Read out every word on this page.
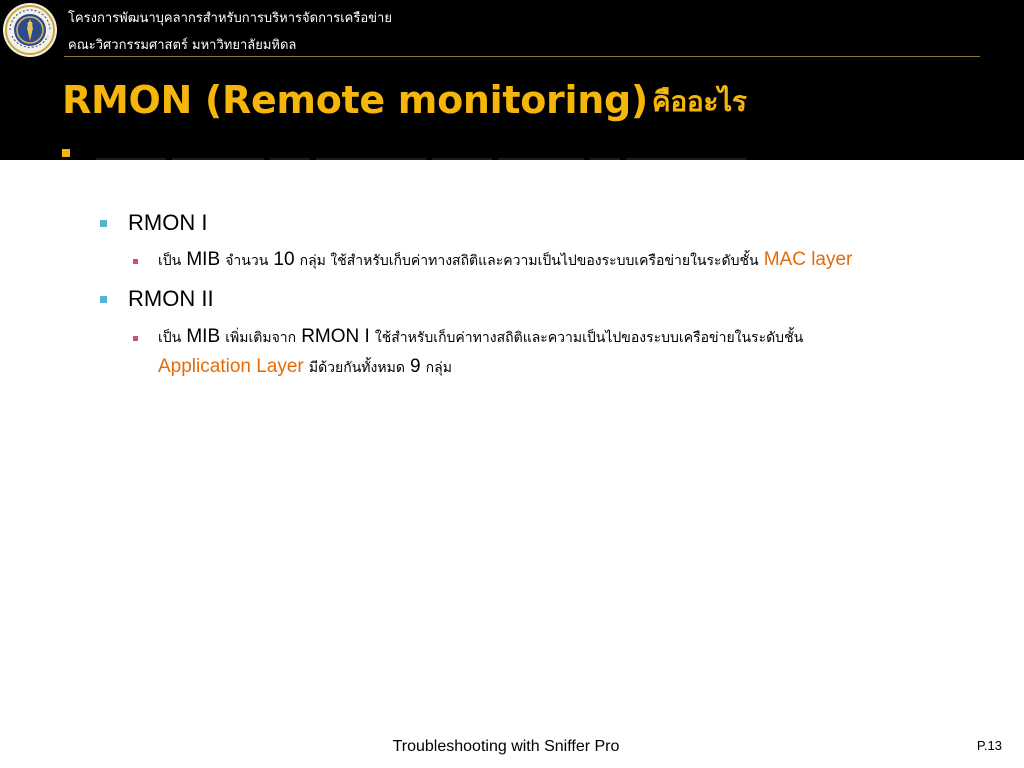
โครงการพัฒนาบุคลากรสำหรับการบริหารจัดการเครือข่าย
คณะวิศวกรรมศาสตร์ มหาวิทยาลัยมหิดล
RMON (Remote monitoring) คืออะไร
RMON I
เป็น MIB จำนวน 10 กลุ่ม ใช้สำหรับเก็บค่าทางสถิติและความเป็นไปของระบบเครือข่ายในระดับชั้น MAC layer
RMON II
เป็น MIB เพิ่มเติมจาก RMON I ใช้สำหรับเก็บค่าทางสถิติและความเป็นไปของระบบเครือข่ายในระดับชั้น
Application Layer มีด้วยกันทั้งหมด 9 กลุ่ม
Troubleshooting with Sniffer Pro	P.13
